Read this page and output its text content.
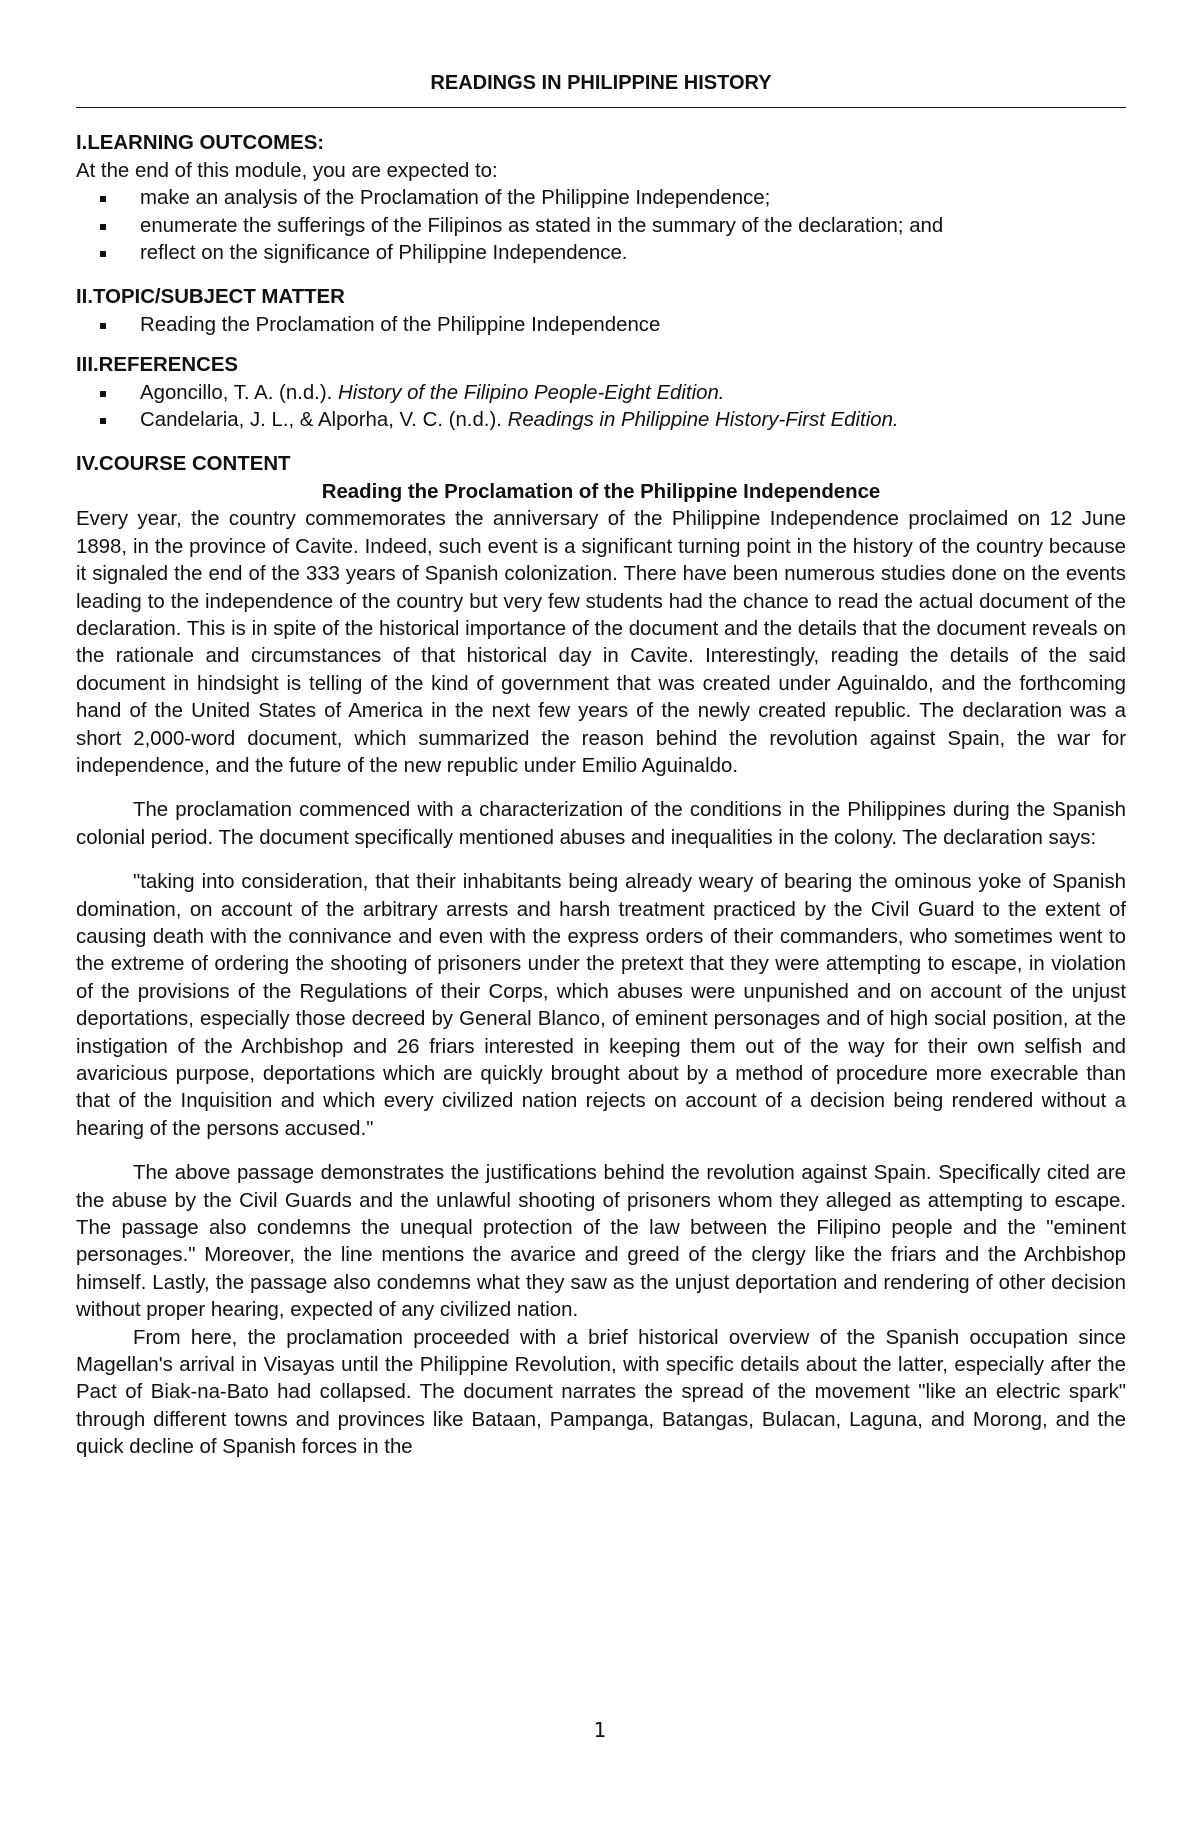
READINGS IN PHILIPPINE HISTORY
I.LEARNING OUTCOMES:
At the end of this module, you are expected to:
make an analysis of the Proclamation of the Philippine Independence;
enumerate the sufferings of the Filipinos as stated in the summary of the declaration; and
reflect on the significance of Philippine Independence.
II.TOPIC/SUBJECT MATTER
Reading the Proclamation of the Philippine Independence
III.REFERENCES
Agoncillo, T. A. (n.d.). History of the Filipino People-Eight Edition.
Candelaria, J. L., & Alporha, V. C. (n.d.). Readings in Philippine History-First Edition.
IV.COURSE CONTENT
Reading the Proclamation of the Philippine Independence

Every year, the country commemorates the anniversary of the Philippine Independence proclaimed on 12 June 1898, in the province of Cavite. Indeed, such event is a significant turning point in the history of the country because it signaled the end of the 333 years of Spanish colonization. There have been numerous studies done on the events leading to the independence of the country but very few students had the chance to read the actual document of the declaration. This is in spite of the historical importance of the document and the details that the document reveals on the rationale and circumstances of that historical day in Cavite. Interestingly, reading the details of the said document in hindsight is telling of the kind of government that was created under Aguinaldo, and the forthcoming hand of the United States of America in the next few years of the newly created republic. The declaration was a short 2,000-word document, which summarized the reason behind the revolution against Spain, the war for independence, and the future of the new republic under Emilio Aguinaldo.

The proclamation commenced with a characterization of the conditions in the Philippines during the Spanish colonial period. The document specifically mentioned abuses and inequalities in the colony. The declaration says:

"taking into consideration, that their inhabitants being already weary of bearing the ominous yoke of Spanish domination, on account of the arbitrary arrests and harsh treatment practiced by the Civil Guard to the extent of causing death with the connivance and even with the express orders of their commanders, who sometimes went to the extreme of ordering the shooting of prisoners under the pretext that they were attempting to escape, in violation of the provisions of the Regulations of their Corps, which abuses were unpunished and on account of the unjust deportations, especially those decreed by General Blanco, of eminent personages and of high social position, at the instigation of the Archbishop and 26 friars interested in keeping them out of the way for their own selfish and avaricious purpose, deportations which are quickly brought about by a method of procedure more execrable than that of the Inquisition and which every civilized nation rejects on account of a decision being rendered without a hearing of the persons accused."

The above passage demonstrates the justifications behind the revolution against Spain. Specifically cited are the abuse by the Civil Guards and the unlawful shooting of prisoners whom they alleged as attempting to escape. The passage also condemns the unequal protection of the law between the Filipino people and the "eminent personages." Moreover, the line mentions the avarice and greed of the clergy like the friars and the Archbishop himself. Lastly, the passage also condemns what they saw as the unjust deportation and rendering of other decision without proper hearing, expected of any civilized nation.

From here, the proclamation proceeded with a brief historical overview of the Spanish occupation since Magellan's arrival in Visayas until the Philippine Revolution, with specific details about the latter, especially after the Pact of Biak-na-Bato had collapsed. The document narrates the spread of the movement "like an electric spark" through different towns and provinces like Bataan, Pampanga, Batangas, Bulacan, Laguna, and Morong, and the quick decline of Spanish forces in the

1
